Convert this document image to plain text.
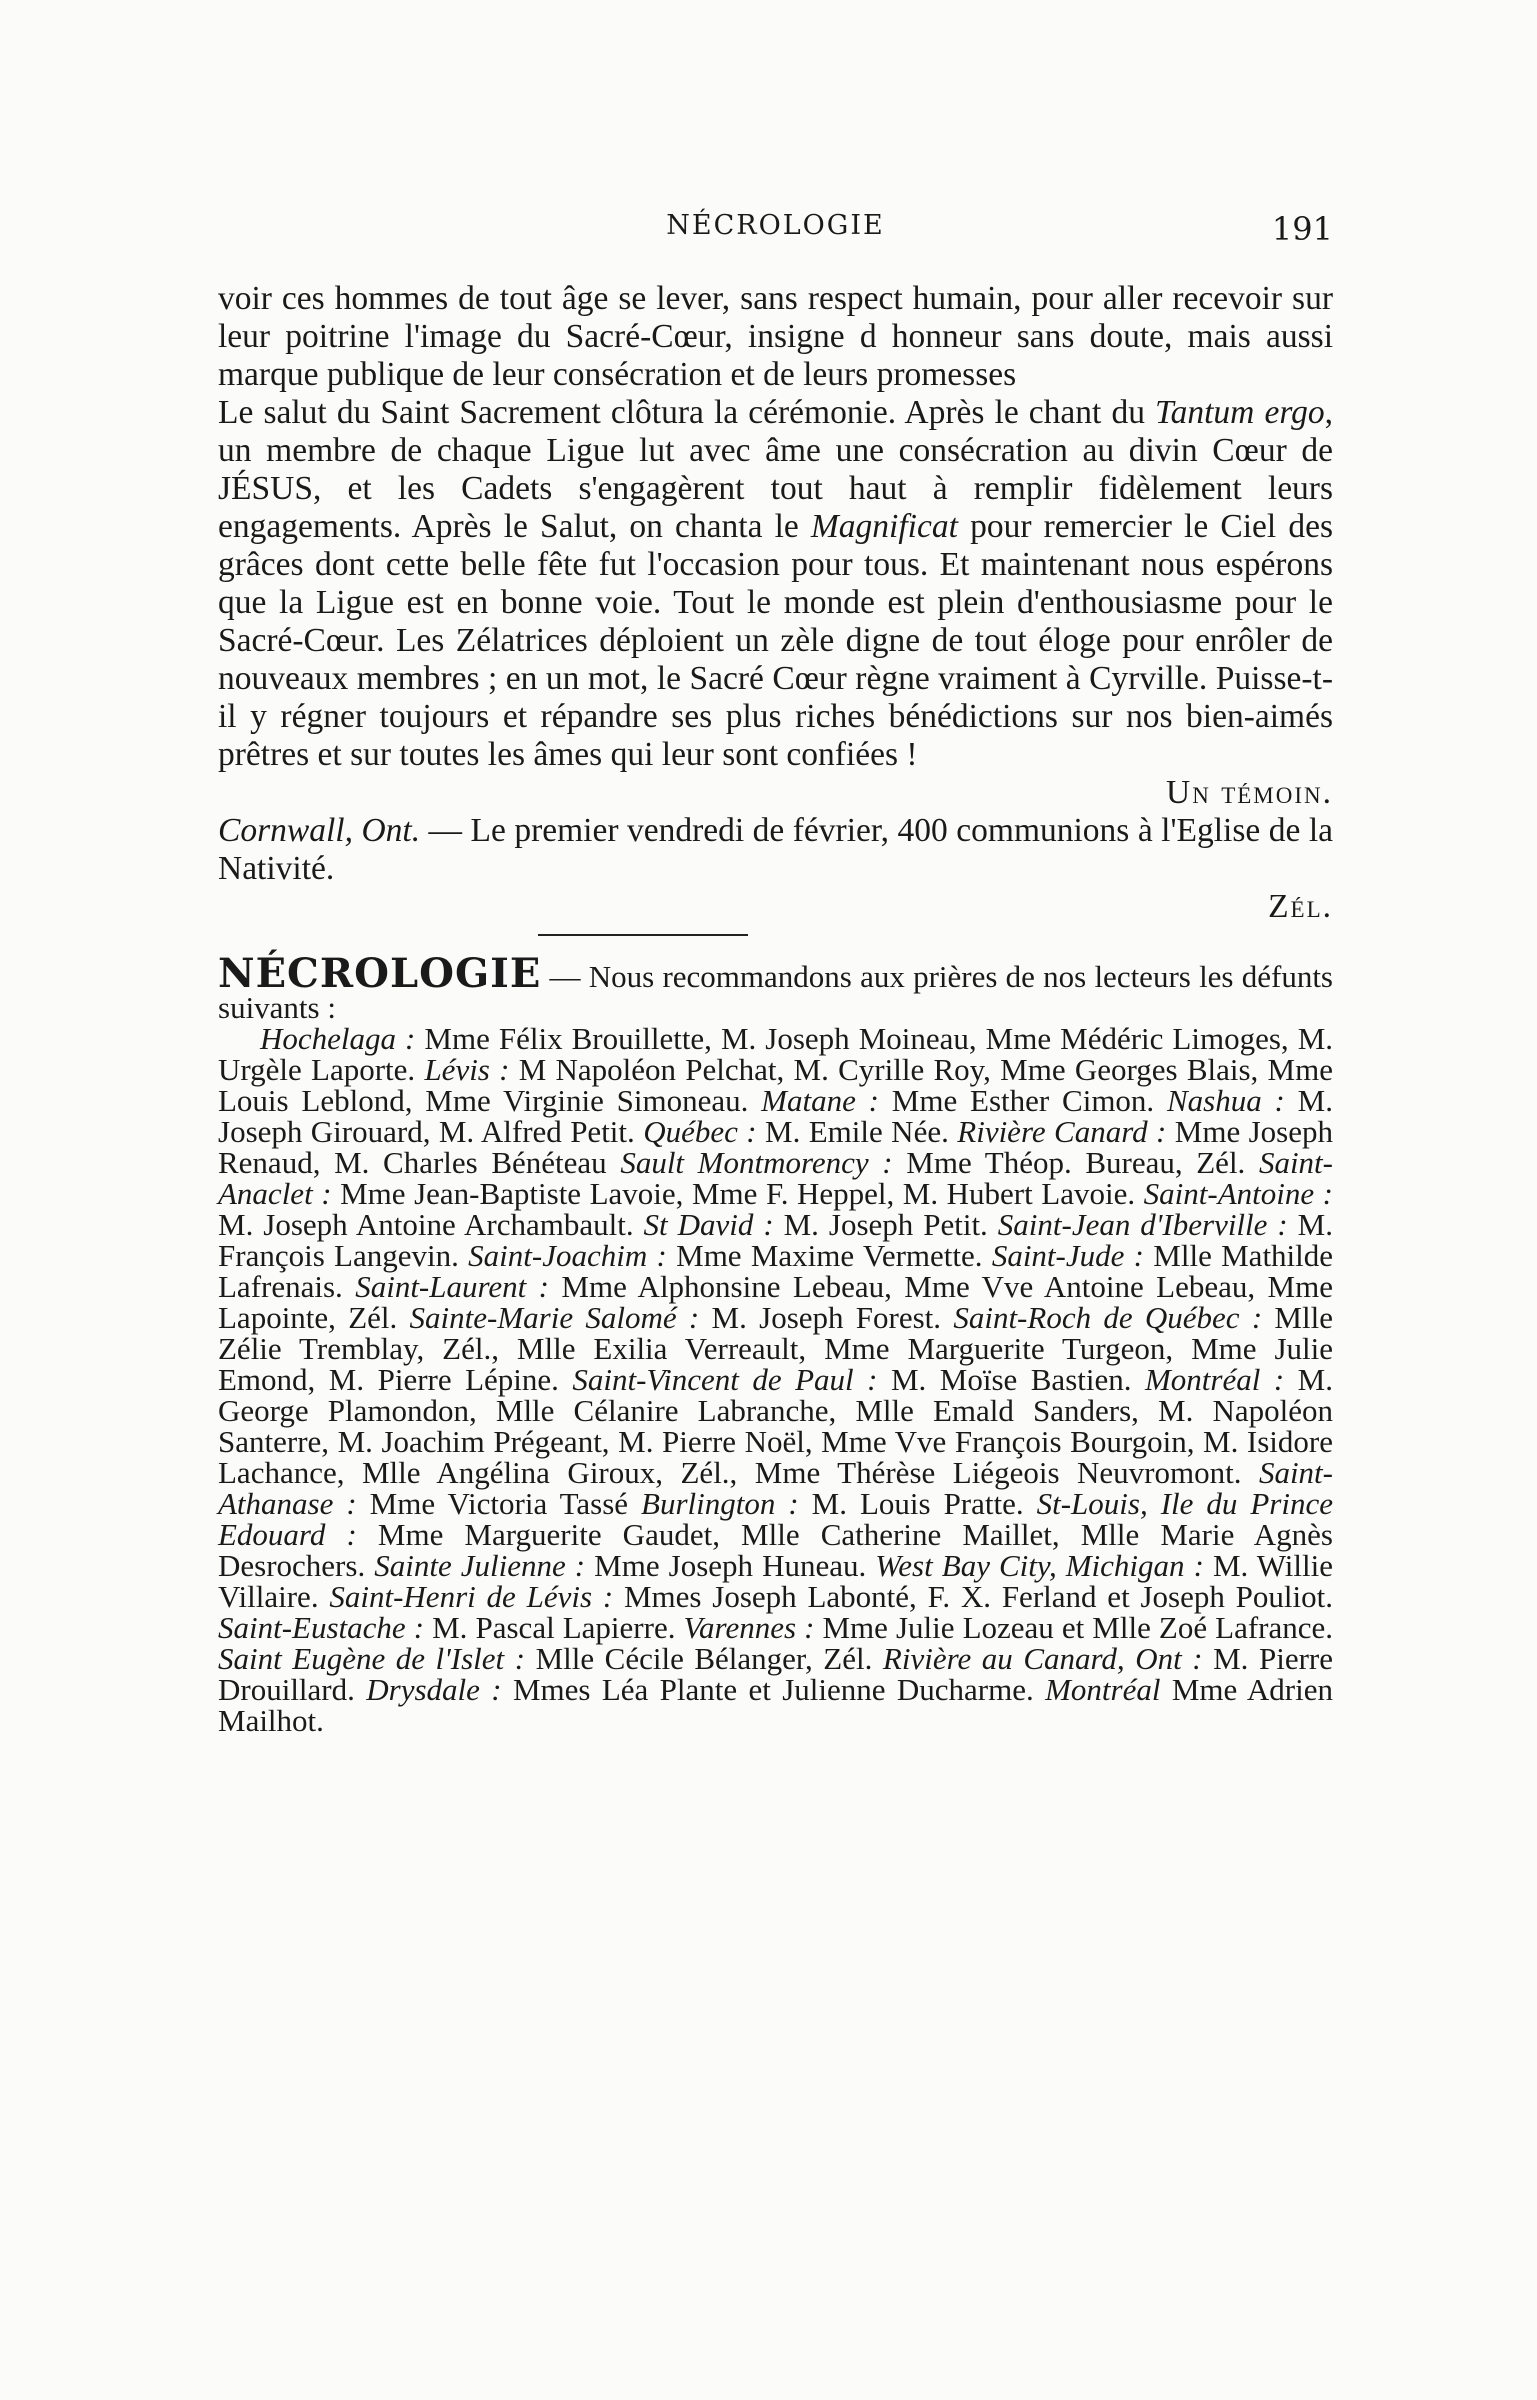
NÉCROLOGIE	191

voir ces hommes de tout âge se lever, sans respect humain, pour aller recevoir sur leur poitrine l'image du Sacré-Cœur, insigne d honneur sans doute, mais aussi marque publique de leur consécration et de leurs promesses

Le salut du Saint Sacrement clôtura la cérémonie. Après le chant du Tantum ergo, un membre de chaque Ligue lut avec âme une consécration au divin Cœur de JÉSUS, et les Cadets s'engagèrent tout haut à remplir fidèlement leurs engagements. Après le Salut, on chanta le Magnificat pour remercier le Ciel des grâces dont cette belle fête fut l'occasion pour tous. Et maintenant nous espérons que la Ligue est en bonne voie. Tout le monde est plein d'enthousiasme pour le Sacré-Cœur. Les Zélatrices déploient un zèle digne de tout éloge pour enrôler de nouveaux membres ; en un mot, le Sacré Cœur règne vraiment à Cyrville. Puisse-t-il y régner toujours et répandre ses plus riches bénédictions sur nos bien-aimés prêtres et sur toutes les âmes qui leur sont confiées !

Un témoin.

Cornwall, Ont. — Le premier vendredi de février, 400 communions à l'Eglise de la Nativité.

Zél.

NÉCROLOGIE — Nous recommandons aux prières de nos lecteurs les défunts suivants :

Hochelaga : Mme Félix Brouillette, M. Joseph Moineau, Mme Médéric Limoges, M. Urgèle Laporte. Lévis : M Napoléon Pelchat, M. Cyrille Roy, Mme Georges Blais, Mme Louis Leblond, Mme Virginie Simoneau. Matane : Mme Esther Cimon. Nashua : M. Joseph Girouard, M. Alfred Petit. Québec : M. Emile Née. Rivière Canard : Mme Joseph Renaud, M. Charles Bénéteau Sault Montmorency : Mme Théop. Bureau, Zél. Saint-Anaclet : Mme Jean-Baptiste Lavoie, Mme F. Heppel, M. Hubert Lavoie. Saint-Antoine : M. Joseph Antoine Archambault. St David : M. Joseph Petit. Saint-Jean d'Iberville : M. François Langevin. Saint-Joachim : Mme Maxime Vermette. Saint-Jude : Mlle Mathilde Lafrenais. Saint-Laurent : Mme Alphonsine Lebeau, Mme Vve Antoine Lebeau, Mme Lapointe, Zél. Sainte-Marie Salomé : M. Joseph Forest. Saint-Roch de Québec : Mlle Zélie Tremblay, Zél., Mlle Exilia Verreault, Mme Marguerite Turgeon, Mme Julie Emond, M. Pierre Lépine. Saint-Vincent de Paul : M. Moïse Bastien. Montréal : M. George Plamondon, Mlle Célanire Labranche, Mlle Emald Sanders, M. Napoléon Santerre, M. Joachim Prégeant, M. Pierre Noël, Mme Vve François Bourgoin, M. Isidore Lachance, Mlle Angélina Giroux, Zél., Mme Thérèse Liégeois Neuvromont. Saint-Athanase : Mme Victoria Tassé Burlington : M. Louis Pratte. St-Louis, Ile du Prince Edouard : Mme Marguerite Gaudet, Mlle Catherine Maillet, Mlle Marie Agnès Desrochers. Sainte Julienne : Mme Joseph Huneau. West Bay City, Michigan : M. Willie Villaire. Saint-Henri de Lévis : Mmes Joseph Labonté, F. X. Ferland et Joseph Pouliot. Saint-Eustache : M. Pascal Lapierre. Varennes : Mme Julie Lozeau et Mlle Zoé Lafrance. Saint Eugène de l'Islet : Mlle Cécile Bélanger, Zél. Rivière au Canard, Ont : M. Pierre Drouillard. Drysdale : Mmes Léa Plante et Julienne Ducharme. Montréal Mme Adrien Mailhot.
